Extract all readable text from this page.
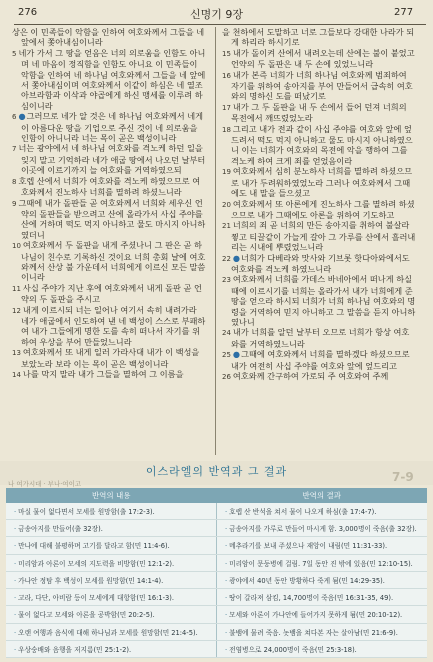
276	신명기 9장	277

상은 이 민족들이 악함을 인하여 여호와께서 그들을 네 앞에서 쫓아내심이니라

5 네가 가서 그 땅을 얻음은 너의 의로움을 인함도 아니며 네 마음이 정직함을 인함도 아니요 이 민족들이 악함을 인하여 네 하나님 여호와께서 그들을 네 앞에서 쫓아내심이며 여호와께서 이같이 하심은 네 열조 아브라함과 이삭과 야곱에게 하신 맹세를 이루려 하심이니라

6 ●그러므로 네가 알 것은 네 하나님 여호와께서 네게 이 아름다운 땅을 기업으로 주신 것이 네 의로움을 인함이 아니니라 너는 목이 곧은 백성이니라

7 너는 광야에서 네 하나님 여호와를 격노케 하던 일을 잊지 말고 기억하라 네가 애굽 땅에서 나오던 날부터 이곳에 이르기까지 늘 여호와를 거역하였으되

8 호렙 산에서 너희가 여호와를 격노케 하였으므로 여호와께서 진노하사 너희를 멸하려 하셨느니라

9 그때에 내가 돌판들 곧 여호와께서 너희와 세우신 언약의 돌판들을 받으려고 산에 올라가서 사십 주야를 산에 거하며 떡도 먹지 아니하고 물도 마시지 아니하였더니

10 여호와께서 두 돌판을 내게 주셨나니 그 판은 곧 하나님이 친수로 기록하신 것이요 너희 총회 날에 여호와께서 산상 불 가운데서 너희에게 이르신 모든 말씀이니라

11 사십 주야가 지난 후에 여호와께서 내게 돌판 곧 언약의 두 돌판을 주시고

12 내게 이르시되 너는 일어나 여기서 속히 내려가라 네가 애굽에서 인도하여 낸 네 백성이 스스로 부패하여 내가 그들에게 명한 도를 속히 떠나서 자기를 위하여 우상을 부어 만들었느니라

13 여호와께서 또 내게 일러 가라사대 내가 이 백성을 보았노라 보라 이는 목이 곧은 백성이니라

14 나를 막지 말라 내가 그들을 멸하여 그 이름을

을 천하에서 도말하고 너로 그들보다 강대한 나라가 되게 하리라 하시기로

15 내가 돌이켜 산에서 내려오는데 산에는 불이 붙었고 언약의 두 돌판은 내 두 손에 있었느니라

16 내가 본즉 너희가 너희 하나님 여호와께 범죄하여 자기를 위하여 송아지를 부어 만들어서 급속히 여호와의 명하신 도를 떠났기로

17 내가 그 두 돌판을 내 두 손에서 들어 던져 너희의 목전에서 깨뜨렸었노라

18 그리고 내가 전과 같이 사십 주야를 여호와 앞에 엎드려서 떡도 먹지 아니하고 물도 마시지 아니하였으니 이는 너희가 여호와의 목전에 악을 행하여 그를 격노케 하여 크게 죄를 얻었음이라

19 여호와께서 심히 분노하사 너희를 멸하려 하셨으므로 내가 두려워하였었노라 그러나 여호와께서 그때에도 내 말을 들으셨고

20 여호와께서 또 아론에게 진노하사 그를 멸하려 하셨으므로 내가 그때에도 아론을 위하여 기도하고

21 너희의 죄 곧 너희의 만든 송아지를 취하여 불살라 찧고 티끌같이 가늘게 갈아 그 가루를 산에서 흘러내리는 시내에 뿌렸었느니라

22 ●너희가 다베라와 맛사와 기브롯 핫다아와에서도 여호와를 격노케 하였느니라

23 여호와께서 너희를 가데스 바네아에서 떠나게 하실 때에 이르시기를 너희는 올라가서 내가 너희에게 준 땅을 얻으라 하시되 너희가 너희 하나님 여호와의 명령을 거역하여 믿지 아니하고 그 말씀을 듣지 아니하였나니

24 내가 너희를 알던 날부터 오므로 너희가 항상 여호와를 거역하였느니라

25 ●그때에 여호와께서 너희를 멸하겠다 하셨으므로 내가 여전히 사십 주야를 여호와 앞에 엎드리고

26 여호와께 간구하여 가로되 주 여호와여 주께

나 여가시대 · 부나·여이고
이스라엘의 반역과 그 결과	7-9
반역의 내용	반역의 결과
· 마실 물이 없다면서 모세를 원망함(출 17:2-3).	· 호렙 산 반석을 쳐서 물이 나오게 하심(출 17:4-7).
· 금송아지를 만들어(출 32장).	· 금송아지를 가루로 만들어 마시게 함. 3,000명이 죽음(출 32장).
· 만나에 대해 불평하며 고기를 달라고 함(민 11:4-6).	· 메추라기를 보내 주셨으나 재앙이 내림(민 11:31-33).
· 미리암과 아론이 모세의 지도력을 비방함(민 12:1-2).	· 미리암이 문둥병에 걸림. 7일 동안 진 밖에 있음(민 12:10-15).
· 가나안 정탐 후 백성이 모세를 원망함(민 14:1-4).	· 광야에서 40년 동안 방황하다 죽게 됨(민 14:29-35).
· 고라, 다단, 아비람 등이 모세에게 대항함(민 16:1-3).	· 땅이 갈라져 삼킴, 14,700명이 죽음(민 16:31-35, 49).
· 물이 없다고 모세와 아론을 공박함(민 20:2-5).	· 모세와 아론이 가나안에 들어가지 못하게 됨(민 20:10-12).
· 오랜 여행과 음식에 대해 하나님과 모세를 원망함(민 21:4-5).	· 불뱀에 물려 죽음. 놋뱀을 쳐다본 자는 살아남(민 21:6-9).
· 우상숭배와 음행을 저지름(민 25:1-2).	· 전염병으로 24,000명이 죽음(민 25:3-18).
